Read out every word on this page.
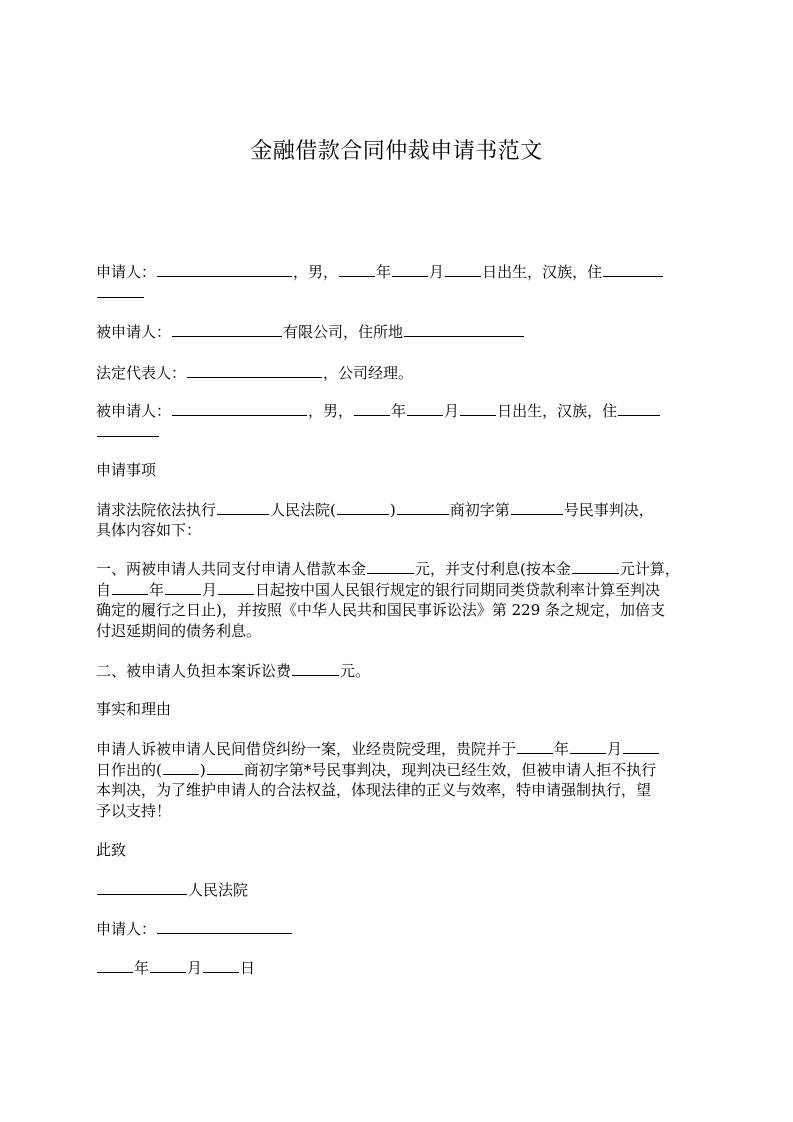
金融借款合同仲裁申请书范文
申请人：	，男，	年	月	日出生，汉族，住
被申请人：	有限公司，住所地
法定代表人：	，公司经理。
被申请人：	，男，	年	月	日出生，汉族，住
申请事项
请求法院依法执行	人民法院(	)	商初字第	号民事判决，
具体内容如下：
一、两被申请人共同支付申请人借款本金	元，并支付利息(按本金	元计算，
自	年	月	日起按中国人民银行规定的银行同期同类贷款利率计算至判决
确定的履行之日止)，并按照《中华人民共和国民事诉讼法》第 229 条之规定，加倍支
付迟延期间的债务利息。
二、被申请人负担本案诉讼费	元。
事实和理由
申请人诉被申请人民间借贷纠纷一案，业经贵院受理，贵院并于	年	月
日作出的(	)	商初字第*号民事判决，现判决已经生效，但被申请人拒不执行
本判决，为了维护申请人的合法权益，体现法律的正义与效率，特申请强制执行，望
予以支持！
此致
人民法院
申请人：
年	月	日
